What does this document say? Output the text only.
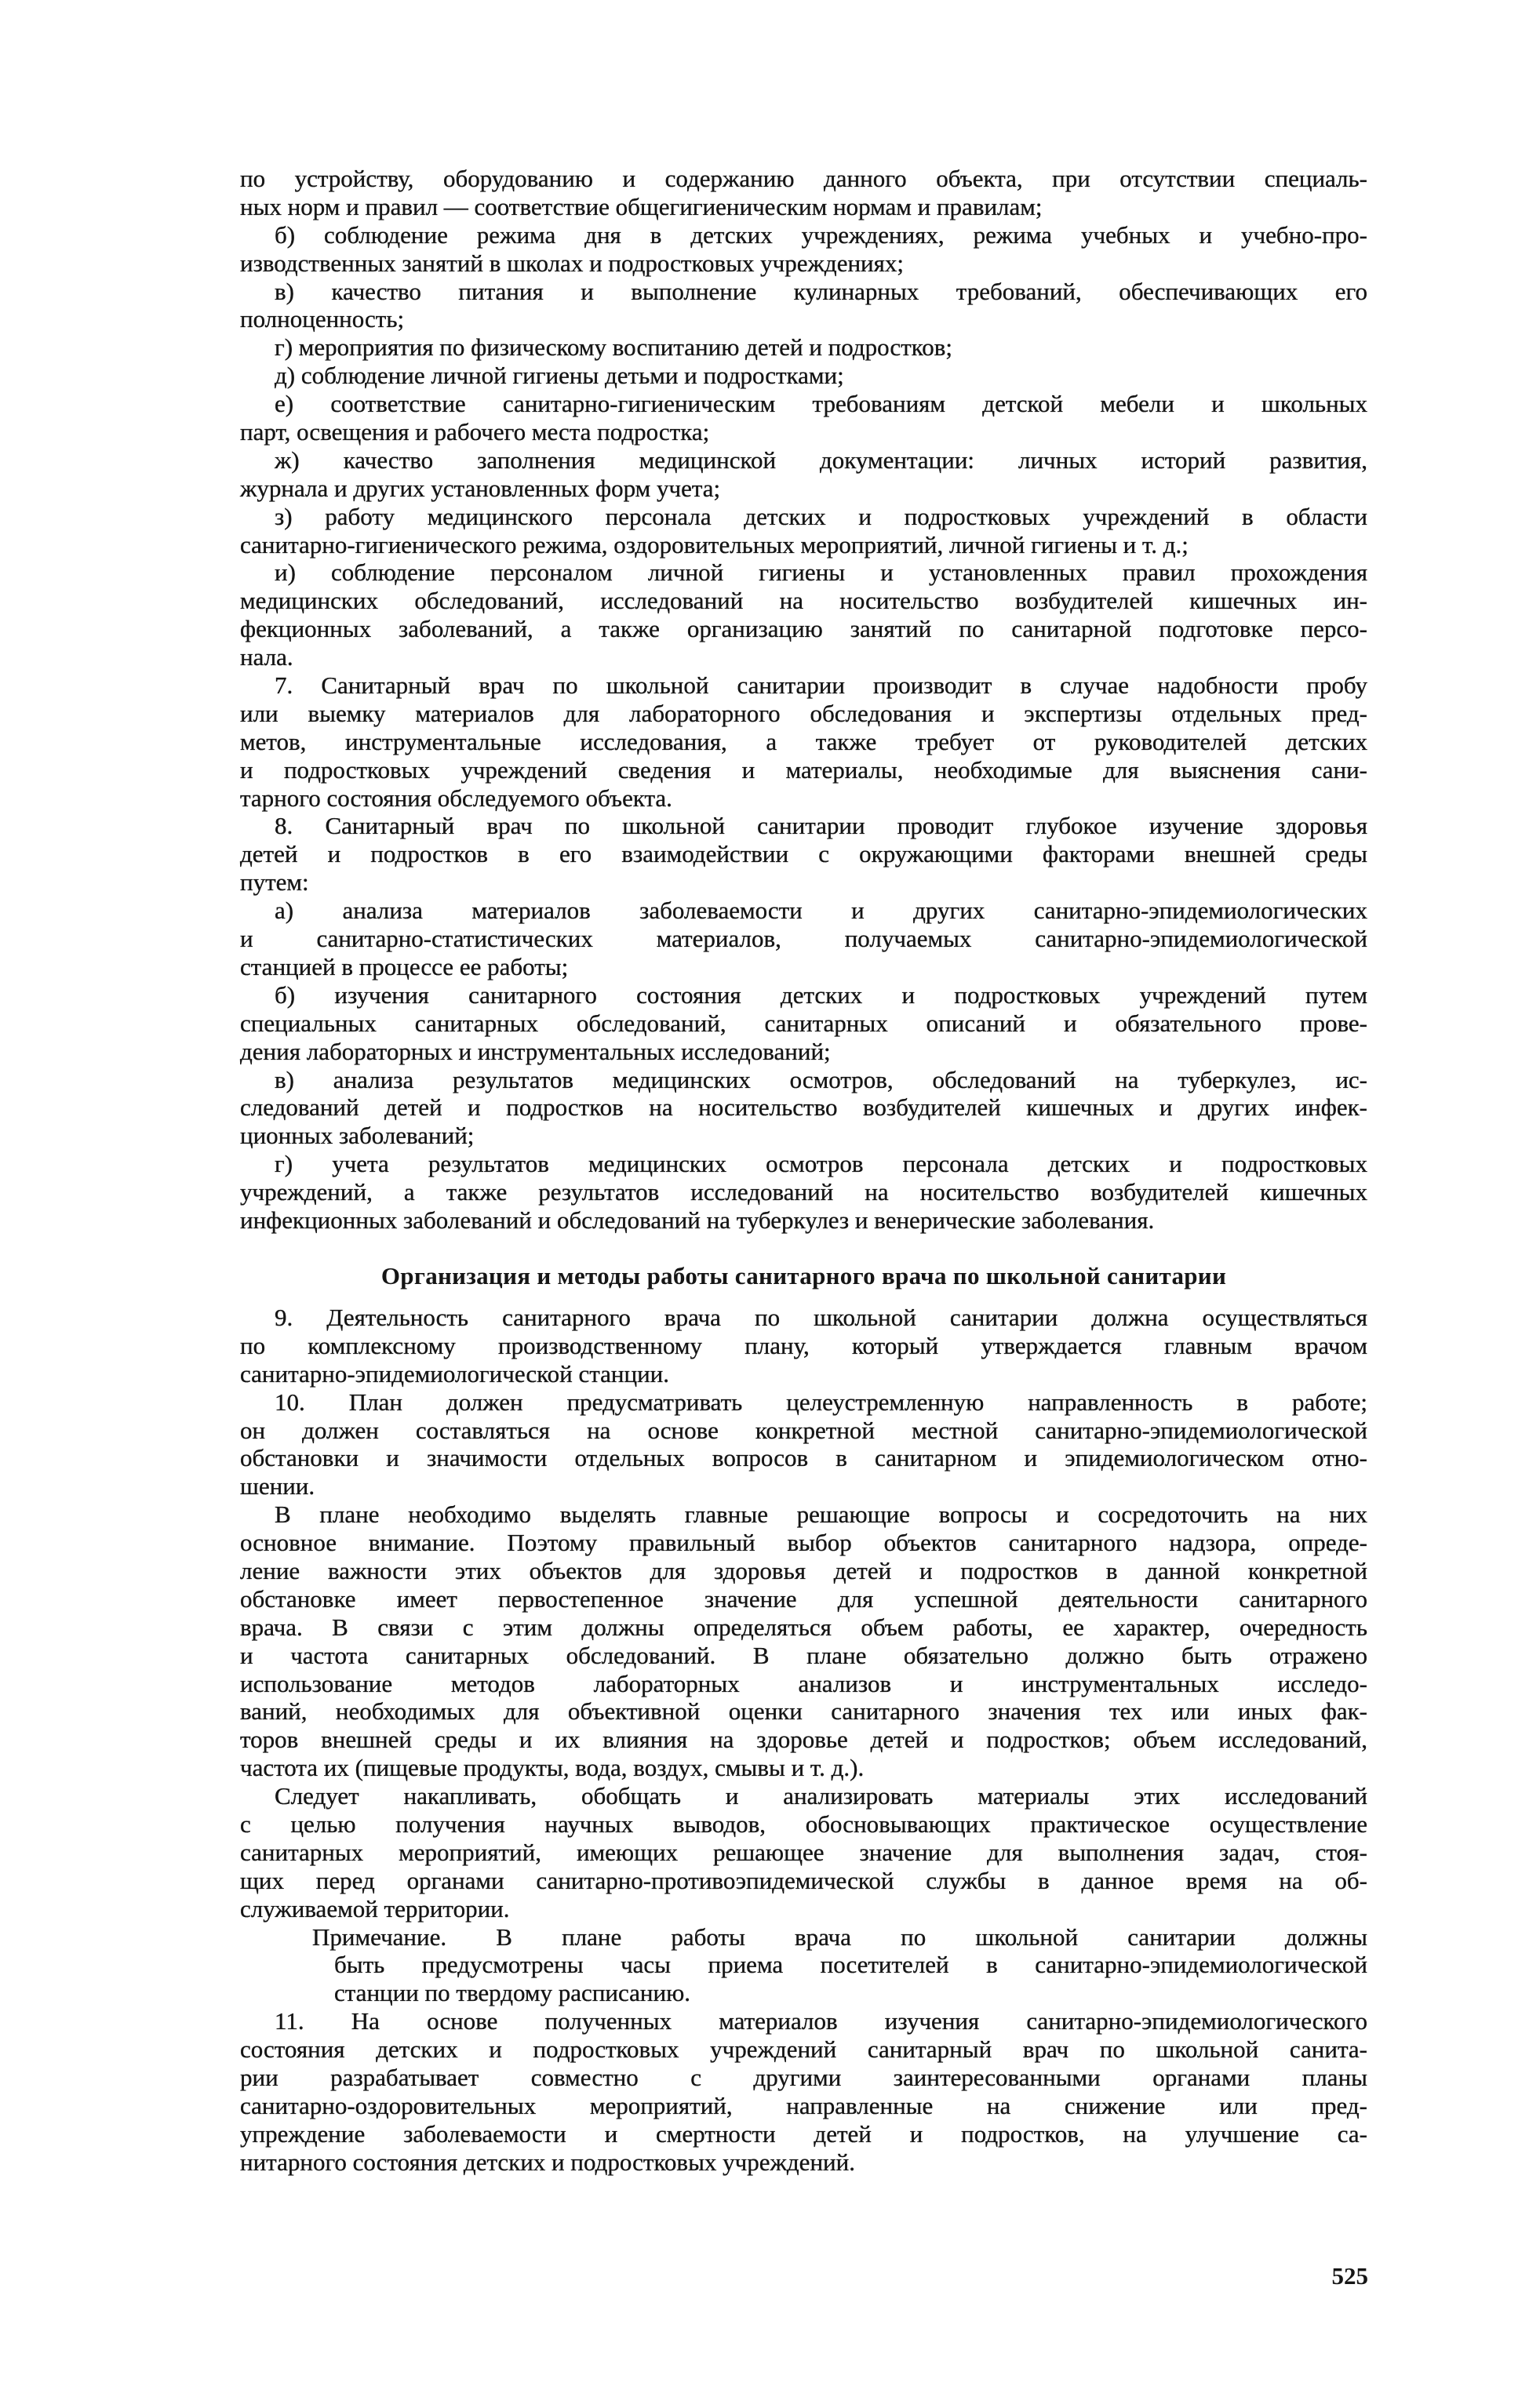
по устройству, оборудованию и содержанию данного объекта, при отсутствии специаль-
ных норм и правил — соответствие общегигиеническим нормам и правилам;
б) соблюдение режима дня в детских учреждениях, режима учебных и учебно-про-
изводственных занятий в школах и подростковых учреждениях;
в) качество питания и выполнение кулинарных требований, обеспечивающих его
полноценность;
г) мероприятия по физическому воспитанию детей и подростков;
д) соблюдение личной гигиены детьми и подростками;
е) соответствие санитарно-гигиеническим требованиям детской мебели и школьных
парт, освещения и рабочего места подростка;
ж) качество заполнения медицинской документации: личных историй развития,
журнала и других установленных форм учета;
з) работу медицинского персонала детских и подростковых учреждений в области
санитарно-гигиенического режима, оздоровительных мероприятий, личной гигиены и т. д.;
и) соблюдение персоналом личной гигиены и установленных правил прохождения
медицинских обследований, исследований на носительство возбудителей кишечных ин-
фекционных заболеваний, а также организацию занятий по санитарной подготовке персо-
нала.
7. Санитарный врач по школьной санитарии производит в случае надобности пробу
или выемку материалов для лабораторного обследования и экспертизы отдельных пред-
метов, инструментальные исследования, а также требует от руководителей детских
и подростковых учреждений сведения и материалы, необходимые для выяснения сани-
тарного состояния обследуемого объекта.
8. Санитарный врач по школьной санитарии проводит глубокое изучение здоровья
детей и подростков в его взаимодействии с окружающими факторами внешней среды
путем:
а) анализа материалов заболеваемости и других санитарно-эпидемиологических
и санитарно-статистических материалов, получаемых санитарно-эпидемиологической
станцией в процессе ее работы;
б) изучения санитарного состояния детских и подростковых учреждений путем
специальных санитарных обследований, санитарных описаний и обязательного прове-
дения лабораторных и инструментальных исследований;
в) анализа результатов медицинских осмотров, обследований на туберкулез, ис-
следований детей и подростков на носительство возбудителей кишечных и других инфек-
ционных заболеваний;
г) учета результатов медицинских осмотров персонала детских и подростковых
учреждений, а также результатов исследований на носительство возбудителей кишечных
инфекционных заболеваний и обследований на туберкулез и венерические заболевания.
Организация и методы работы санитарного врача по школьной санитарии
9. Деятельность санитарного врача по школьной санитарии должна осуществляться
по комплексному производственному плану, который утверждается главным врачом
санитарно-эпидемиологической станции.
10. План должен предусматривать целеустремленную направленность в работе;
он должен составляться на основе конкретной местной санитарно-эпидемиологической
обстановки и значимости отдельных вопросов в санитарном и эпидемиологическом отно-
шении.
В плане необходимо выделять главные решающие вопросы и сосредоточить на них
основное внимание. Поэтому правильный выбор объектов санитарного надзора, опреде-
ление важности этих объектов для здоровья детей и подростков в данной конкретной
обстановке имеет первостепенное значение для успешной деятельности санитарного
врача. В связи с этим должны определяться объем работы, ее характер, очередность
и частота санитарных обследований. В плане обязательно должно быть отражено
использование методов лабораторных анализов и инструментальных исследо-
ваний, необходимых для объективной оценки санитарного значения тех или иных фак-
торов внешней среды и их влияния на здоровье детей и подростков; объем исследований,
частота их (пищевые продукты, вода, воздух, смывы и т. д.).
Следует накапливать, обобщать и анализировать материалы этих исследований
с целью получения научных выводов, обосновывающих практическое осуществление
санитарных мероприятий, имеющих решающее значение для выполнения задач, стоя-
щих перед органами санитарно-противоэпидемической службы в данное время на об-
служиваемой территории.
Примечание. В плане работы врача по школьной санитарии должны
быть предусмотрены часы приема посетителей в санитарно-эпидемиологической
станции по твердому расписанию.
11. На основе полученных материалов изучения санитарно-эпидемиологического
состояния детских и подростковых учреждений санитарный врач по школьной санита-
рии разрабатывает совместно с другими заинтересованными органами планы
санитарно-оздоровительных мероприятий, направленные на снижение или пред-
упреждение заболеваемости и смертности детей и подростков, на улучшение са-
нитарного состояния детских и подростковых учреждений.
525
